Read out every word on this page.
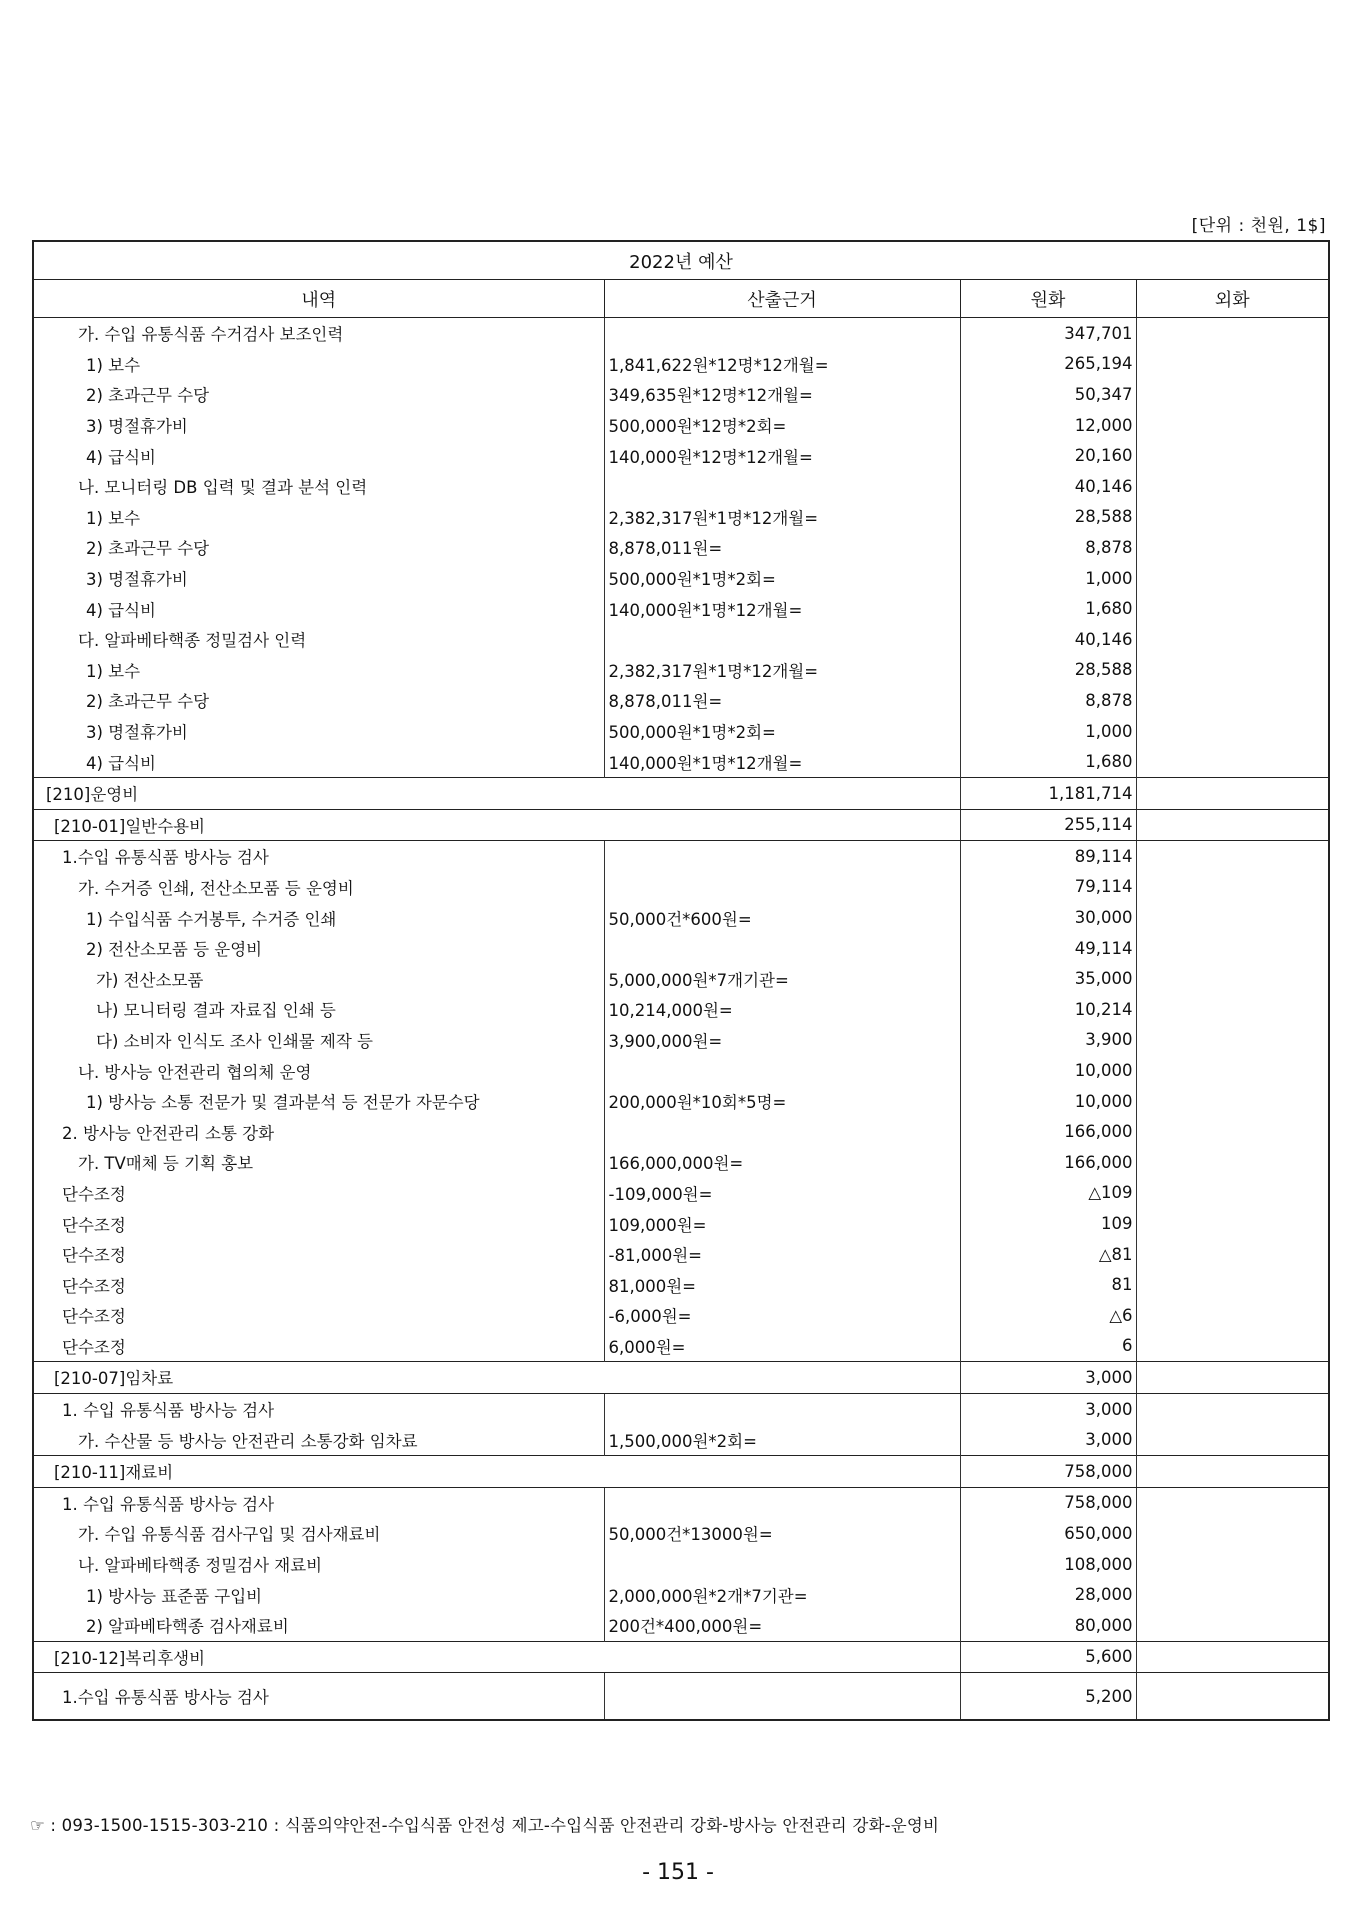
[단위 : 천원, 1$]
2022년 예산			
내역	산출근거	원화	외화
가. 수입 유통식품 수거검사 보조인력		347,701	
1) 보수	1,841,622원*12명*12개월=	265,194	
2) 초과근무 수당	349,635원*12명*12개월=	50,347	
3) 명절휴가비	500,000원*12명*2회=	12,000	
4) 급식비	140,000원*12명*12개월=	20,160	
나. 모니터링 DB 입력 및 결과 분석 인력		40,146	
1) 보수	2,382,317원*1명*12개월=	28,588	
2) 초과근무 수당	8,878,011원=	8,878	
3) 명절휴가비	500,000원*1명*2회=	1,000	
4) 급식비	140,000원*1명*12개월=	1,680	
다. 알파베타핵종 정밀검사 인력		40,146	
1) 보수	2,382,317원*1명*12개월=	28,588	
2) 초과근무 수당	8,878,011원=	8,878	
3) 명절휴가비	500,000원*1명*2회=	1,000	
4) 급식비	140,000원*1명*12개월=	1,680	
[210]운영비		1,181,714	
[210-01]일반수용비		255,114	
1.수입 유통식품 방사능 검사		89,114	
가. 수거증 인쇄, 전산소모품 등 운영비		79,114	
1) 수입식품 수거봉투, 수거증 인쇄	50,000건*600원=	30,000	
2) 전산소모품 등 운영비		49,114	
가) 전산소모품	5,000,000원*7개기관=	35,000	
나) 모니터링 결과 자료집 인쇄 등	10,214,000원=	10,214	
다) 소비자 인식도 조사 인쇄물 제작 등	3,900,000원=	3,900	
나. 방사능 안전관리 협의체 운영		10,000	
1) 방사능 소통 전문가 및 결과분석 등 전문가 자문수당	200,000원*10회*5명=	10,000	
2. 방사능 안전관리 소통 강화		166,000	
가. TV매체 등 기획 홍보	166,000,000원=	166,000	
단수조정	-109,000원=	△109	
단수조정	109,000원=	109	
단수조정	-81,000원=	△81	
단수조정	81,000원=	81	
단수조정	-6,000원=	△6	
단수조정	6,000원=	6	
[210-07]임차료		3,000	
1. 수입 유통식품 방사능 검사		3,000	
가. 수산물 등 방사능 안전관리 소통강화 임차료	1,500,000원*2회=	3,000	
[210-11]재료비		758,000	
1. 수입 유통식품 방사능 검사		758,000	
가. 수입 유통식품 검사구입 및 검사재료비	50,000건*13000원=	650,000	
나. 알파베타핵종 정밀검사 재료비		108,000	
1) 방사능 표준품 구입비	2,000,000원*2개*7기관=	28,000	
2) 알파베타핵종 검사재료비	200건*400,000원=	80,000	
[210-12]복리후생비		5,600	
1.수입 유통식품 방사능 검사		5,200	
☞ : 093-1500-1515-303-210 : 식품의약안전-수입식품 안전성 제고-수입식품 안전관리 강화-방사능 안전관리 강화-운영비
- 151 -
